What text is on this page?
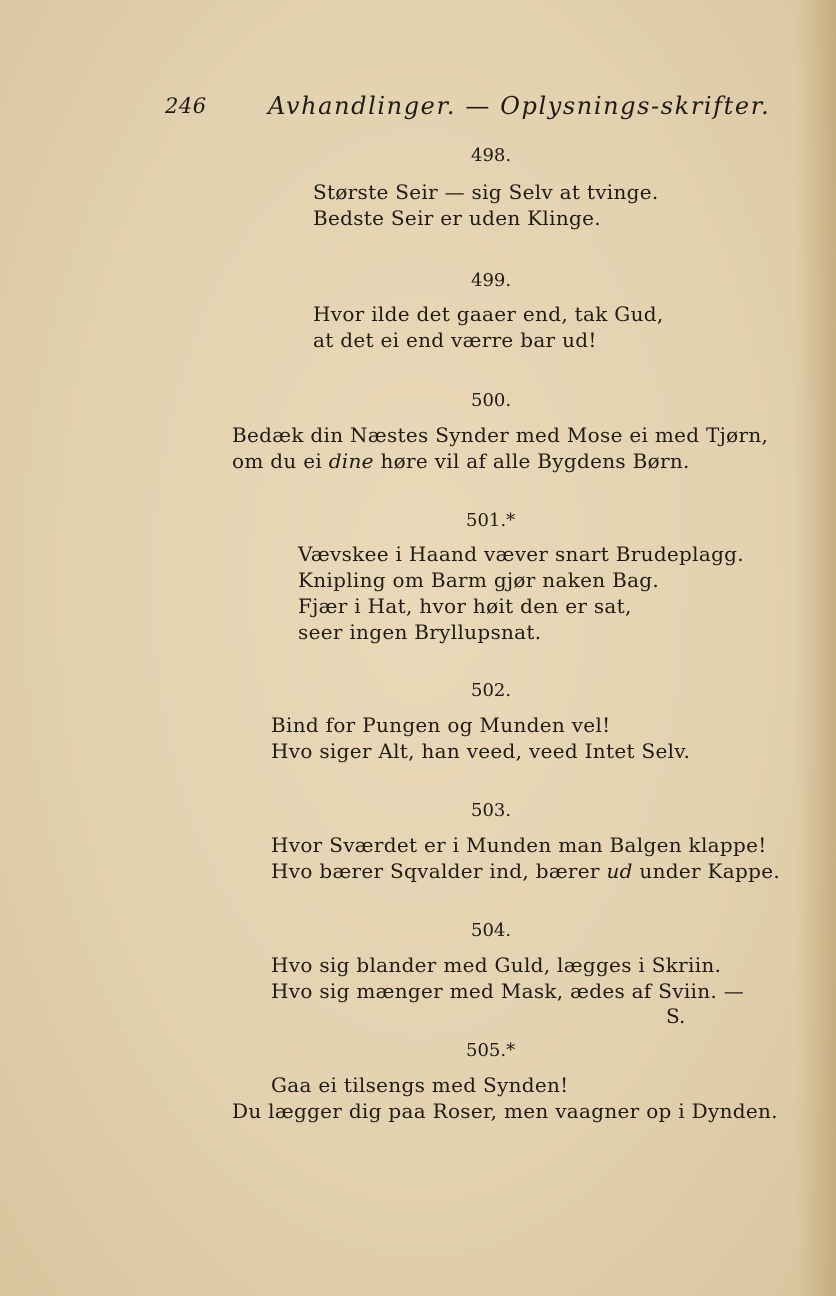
246	Avhandlinger. — Oplysnings-skrifter.
498.
Største Seir — sig Selv at tvinge.
Bedste Seir er uden Klinge.
499.
Hvor ilde det gaaer end, tak Gud,
at det ei end værre bar ud!
500.
Bedæk din Næstes Synder med Mose ei med Tjørn,
om du ei dine høre vil af alle Bygdens Børn.
501.*
Vævskee i Haand væver snart Brudeplagg.
Knipling om Barm gjør naken Bag.
Fjær i Hat, hvor høit den er sat,
seer ingen Bryllupsnat.
502.
Bind for Pungen og Munden vel!
Hvo siger Alt, han veed, veed Intet Selv.
503.
Hvor Sværdet er i Munden man Balgen klappe!
Hvo bærer Sqvalder ind, bærer ud under Kappe.
504.
Hvo sig blander med Guld, lægges i Skriin.
Hvo sig mænger med Mask, ædes af Sviin. —
S.
505.*
Gaa ei tilsengs med Synden!
Du lægger dig paa Roser, men vaagner op i Dynden.
